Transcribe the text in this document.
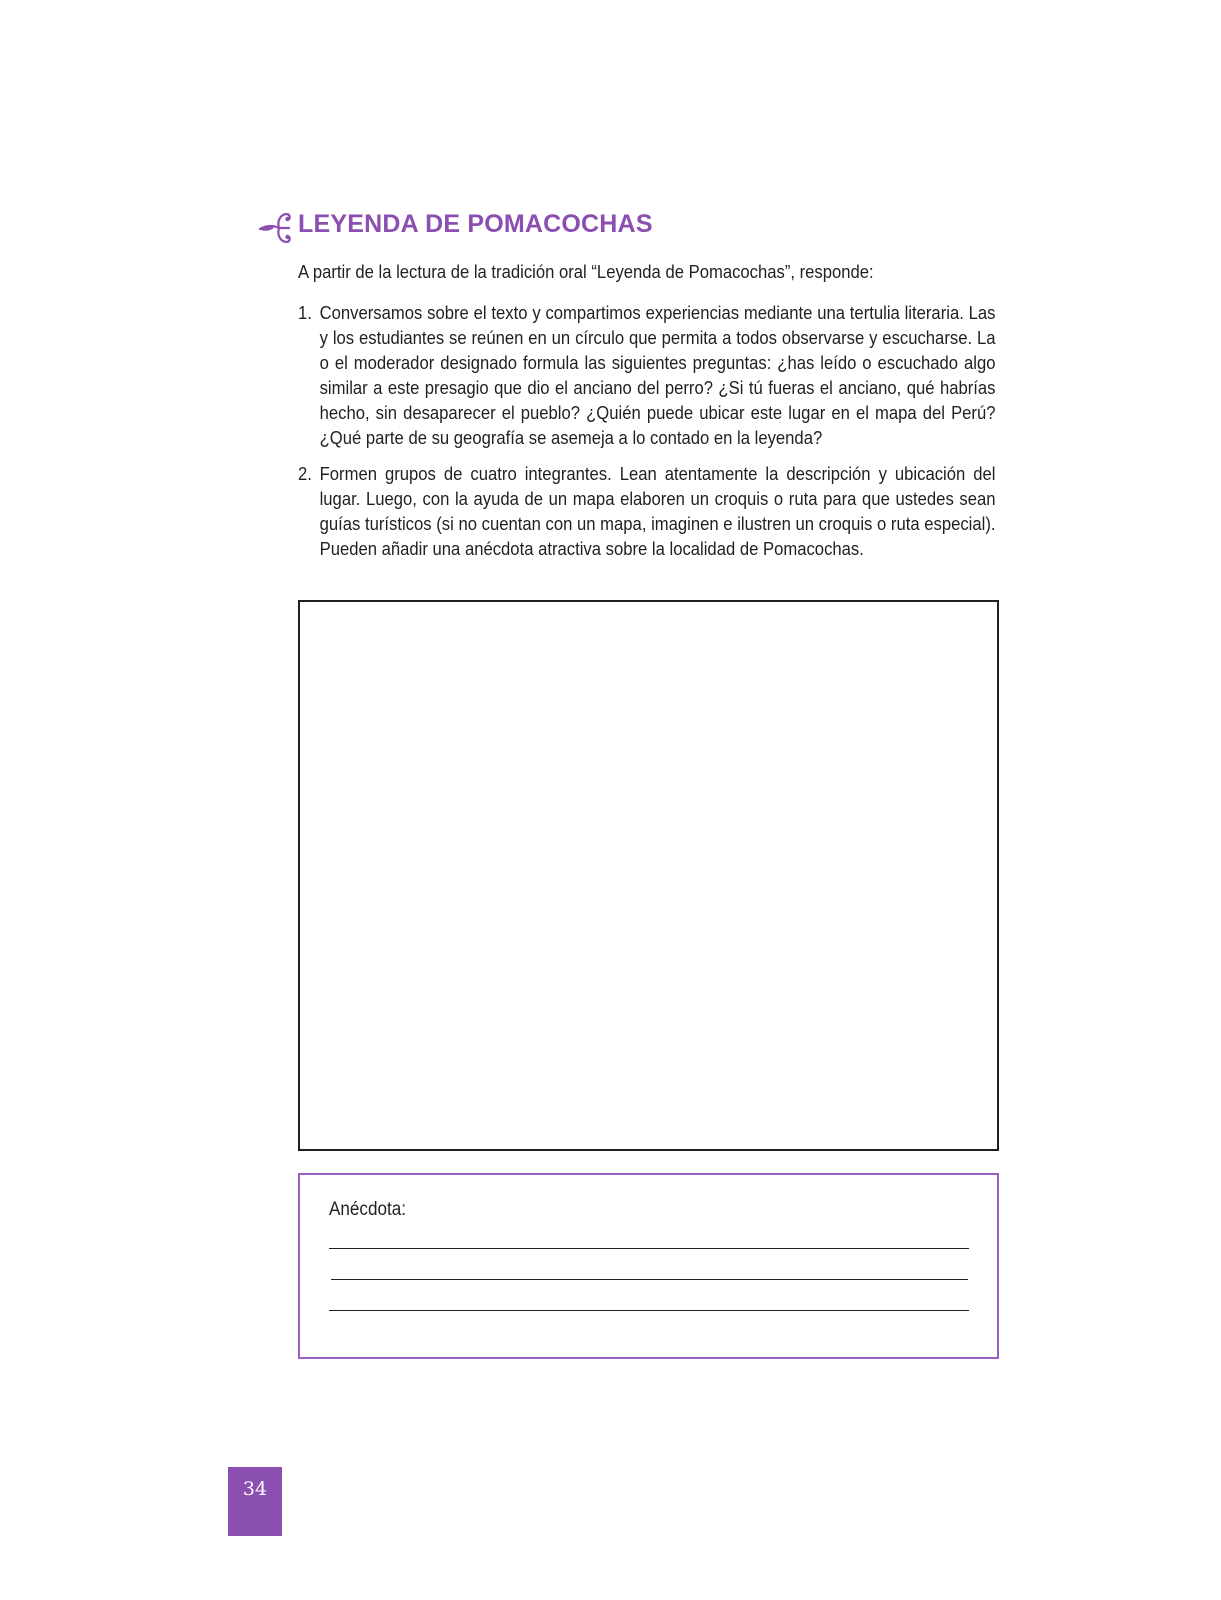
LEYENDA DE POMACOCHAS
A partir de la lectura de la tradición oral “Leyenda de Pomacochas”, responde:
1. Conversamos sobre el texto y compartimos experiencias mediante una tertulia literaria. Las y los estudiantes se reúnen en un círculo que permita a todos observarse y escucharse. La o el moderador designado formula las siguientes preguntas: ¿has leído o escuchado algo similar a este presagio que dio el anciano del perro? ¿Si tú fueras el anciano, qué habrías hecho, sin desaparecer el pueblo? ¿Quién puede ubicar este lugar en el mapa del Perú? ¿Qué parte de su geografía se asemeja a lo contado en la leyenda?
2. Formen grupos de cuatro integrantes. Lean atentamente la descripción y ubicación del lugar. Luego, con la ayuda de un mapa elaboren un croquis o ruta para que ustedes sean guías turísticos (si no cuentan con un mapa, imaginen e ilustren un croquis o ruta especial). Pueden añadir una anécdota atractiva sobre la localidad de Pomacochas.
Anécdota:
34
